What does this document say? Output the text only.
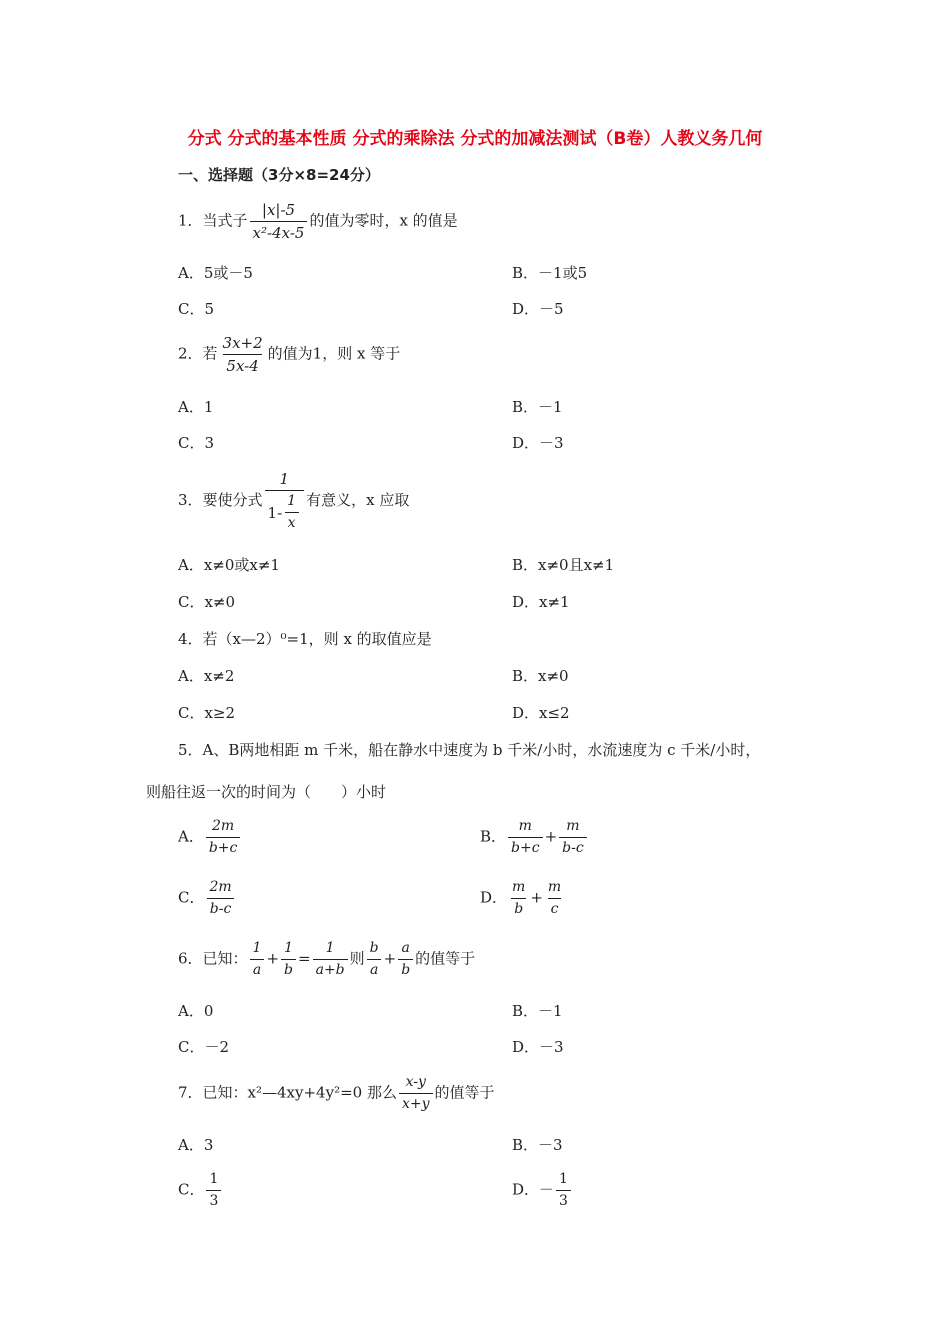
分式 分式的基本性质 分式的乘除法 分式的加减法测试（B卷）人教义务几何
一、选择题（3分×8=24分）
1．当式子 $\frac{|x|-5}{\text{x²-4x-5}}$ 的值为零时，x 的值是
A．5或－5	B．－1或5
C．5	D．－5
2．若 $\frac{3x+2}{5x-4}$ 的值为1，则 x 等于
A．1	B．－1
C．3	D．－3
3．要使分式 $\frac{1}{1- \frac{1}{x}}$ 有意义，x 应取
A．x≠0或x≠1	B．x≠0且x≠1
C．x≠0	D．x≠1
4．若（x—2）⁰=1，则 x 的取值应是
A．x≠2	B．x≠0
C．x≥2	D．x≤2
5．A、B两地相距 m 千米，船在静水中速度为 b 千米/小时，水流速度为 c 千米/小时，
则船往返一次的时间为（　　）小时
A． $\frac{2m}{b+c}$	B． $\frac{m}{b+c} + \frac{m}{b-c}$
C． $\frac{2m}{b-c}$	D． $\frac{m}{b} + \frac{m}{c}$
6．已知： $\frac{1}{a} + \frac{1}{b} = \frac{1}{a+b}$ 则 $\frac{b}{a} + \frac{a}{b}$ 的值等于
A．0	B．－1
C．－2	D．－3
7．已知：x²—4xy+4y²=0 那么 $\frac{x-y}{x+y}$ 的值等于
A．3	B．－3
C． $\frac{1}{3}$	D．－ $\frac{1}{3}$
